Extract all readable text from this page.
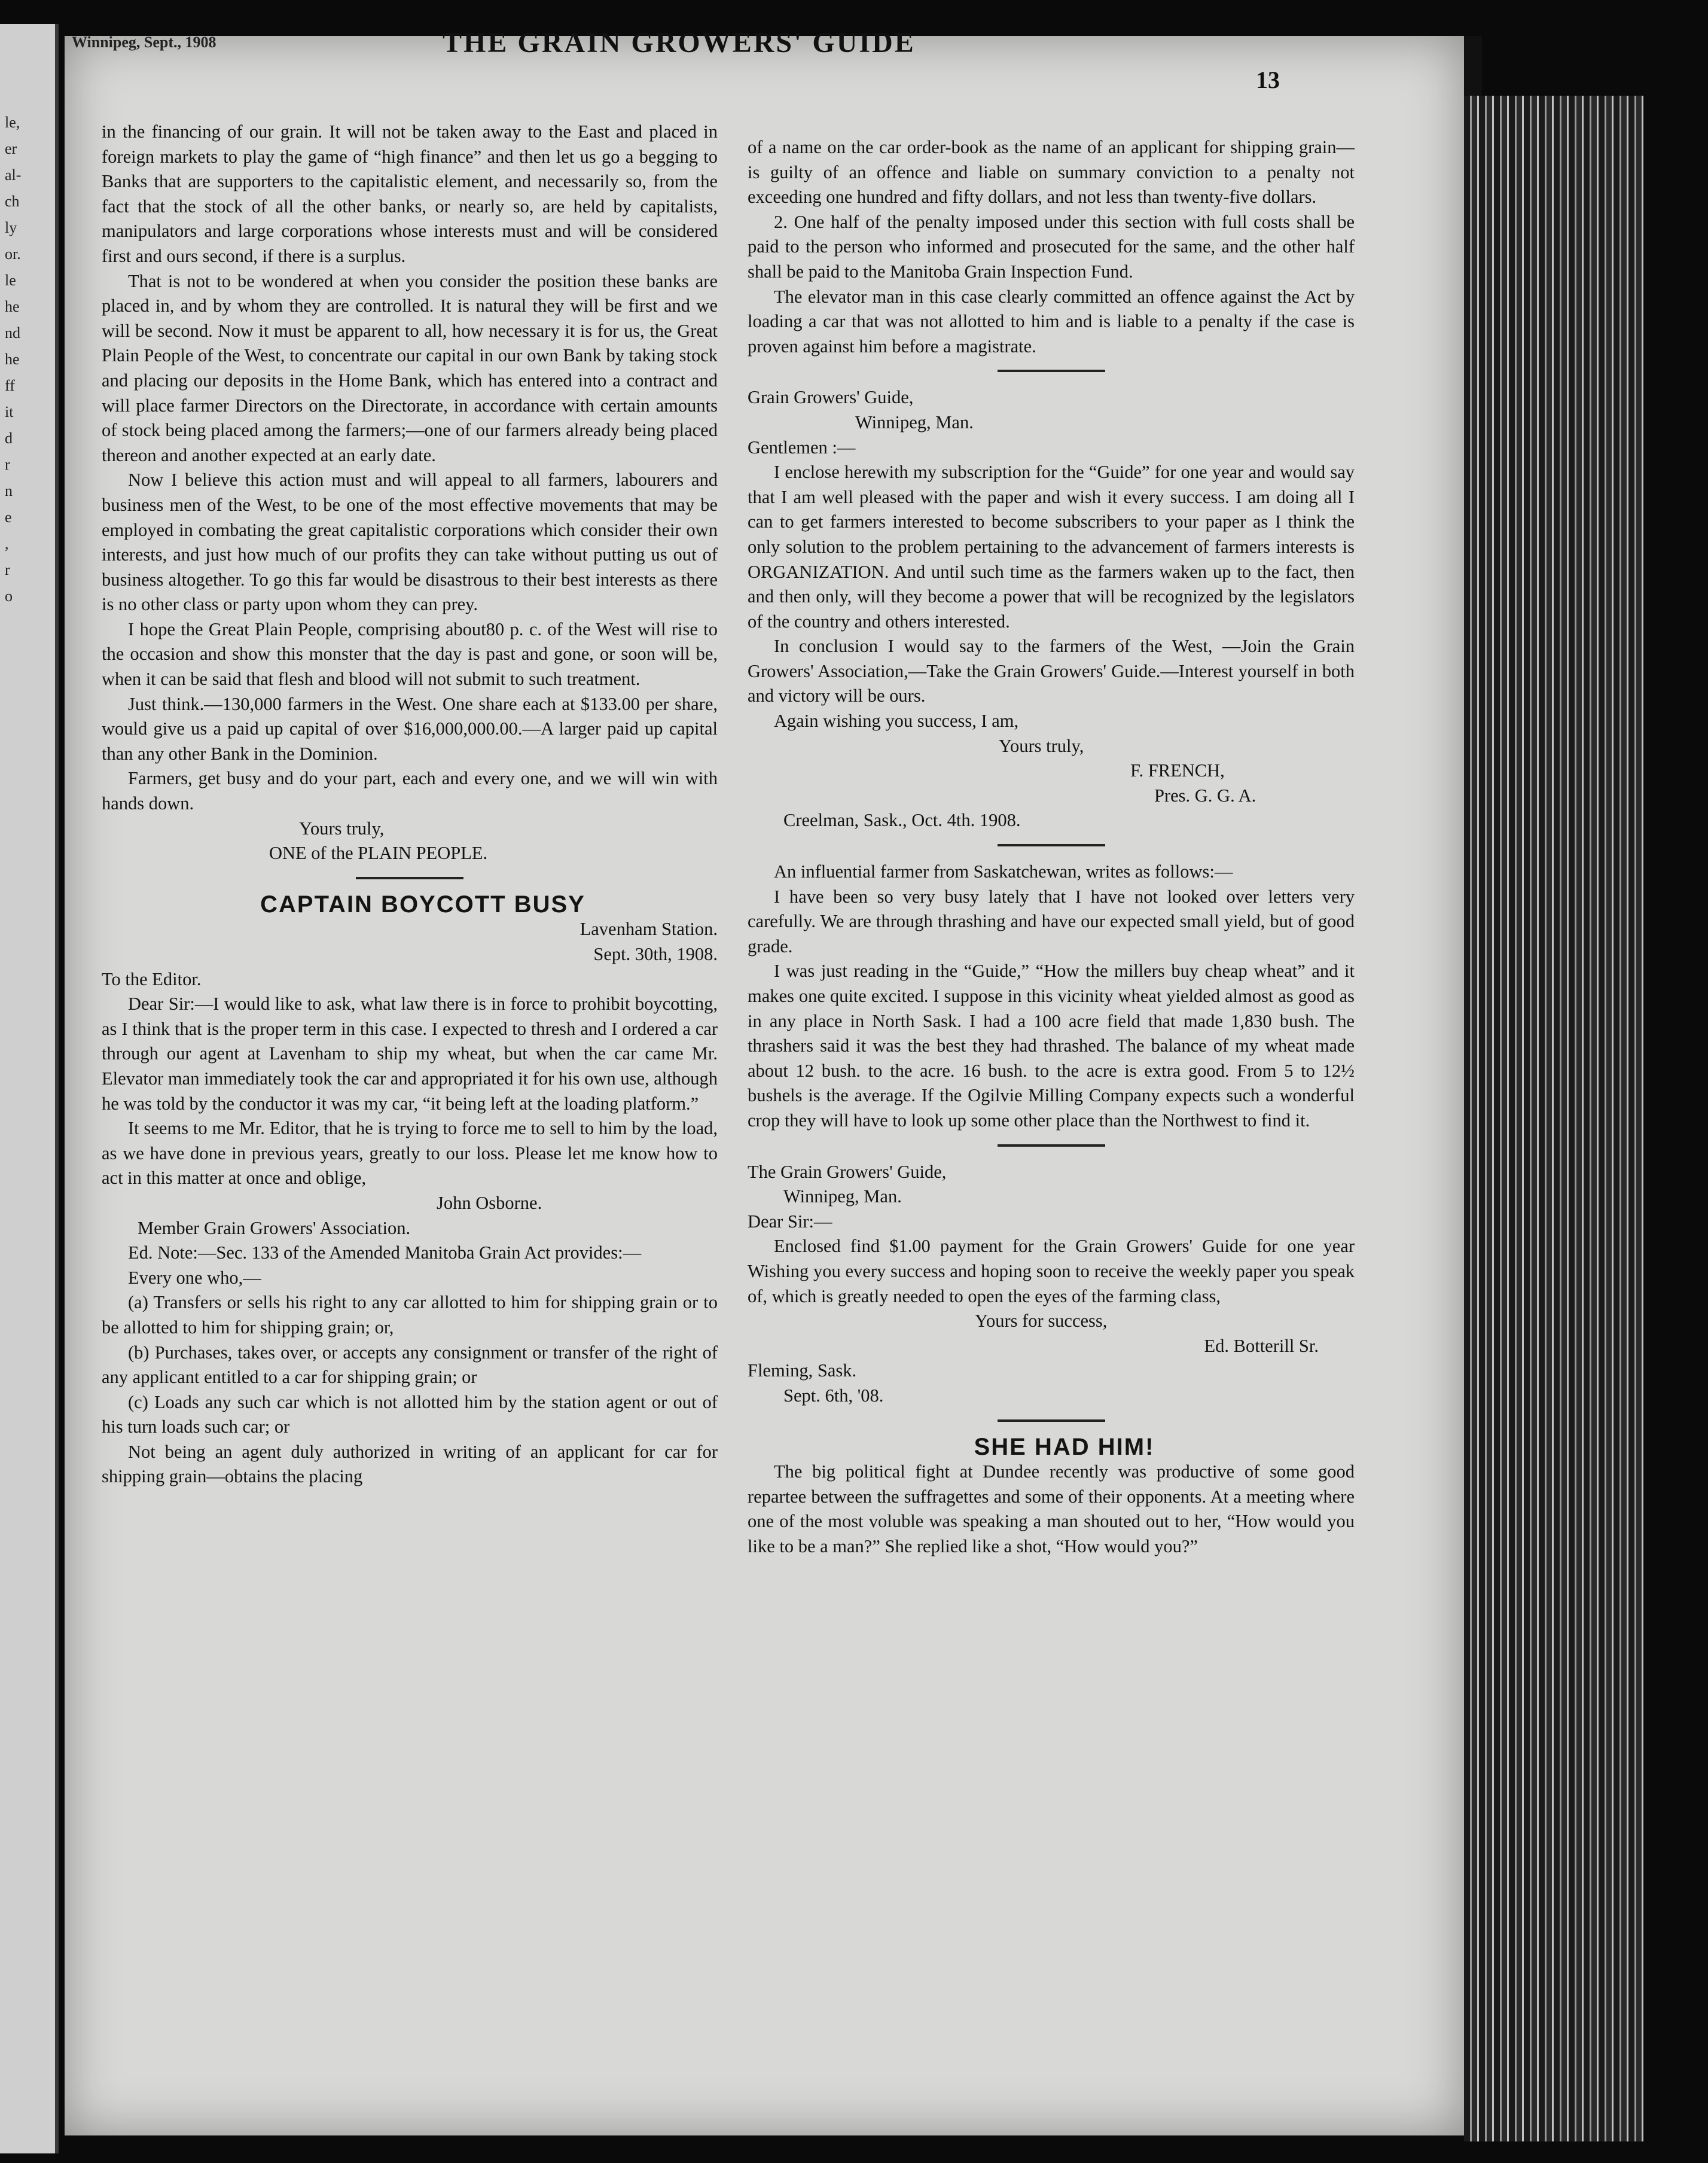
le,
er
al-
ch
ly
or.
le
he
nd
he
ff
it
d
r
n
e
,
r
o
Winnipeg, Sept., 1908	THE GRAIN GROWERS' GUIDE
13

in the financing of our grain. It will not be taken away to the East and placed in foreign markets to play the game of “high finance” and then let us go a begging to Banks that are supporters to the capitalistic element, and necessarily so, from the fact that the stock of all the other banks, or nearly so, are held by capitalists, manipulators and large corporations whose interests must and will be considered first and ours second, if there is a surplus.

That is not to be wondered at when you consider the position these banks are placed in, and by whom they are controlled. It is natural they will be first and we will be second. Now it must be apparent to all, how necessary it is for us, the Great Plain People of the West, to concentrate our capital in our own Bank by taking stock and placing our deposits in the Home Bank, which has entered into a contract and will place farmer Directors on the Directorate, in accordance with certain amounts of stock being placed among the farmers;—one of our farmers already being placed thereon and another expected at an early date.

Now I believe this action must and will appeal to all farmers, labourers and business men of the West, to be one of the most effective movements that may be employed in combating the great capitalistic corporations which consider their own interests, and just how much of our profits they can take without putting us out of business altogether. To go this far would be disastrous to their best interests as there is no other class or party upon whom they can prey.

I hope the Great Plain People, comprising about80 p. c. of the West will rise to the occasion and show this monster that the day is past and gone, or soon will be, when it can be said that flesh and blood will not submit to such treatment.

Just think.—130,000 farmers in the West. One share each at $133.00 per share, would give us a paid up capital of over $16,000,000.00.—A larger paid up capital than any other Bank in the Dominion.

Farmers, get busy and do your part, each and every one, and we will win with hands down.

Yours truly,

ONE of the PLAIN PEOPLE.

CAPTAIN BOYCOTT BUSY

Lavenham Station.

Sept. 30th, 1908.

To the Editor.

Dear Sir:—I would like to ask, what law there is in force to prohibit boycotting, as I think that is the proper term in this case. I expected to thresh and I ordered a car through our agent at Lavenham to ship my wheat, but when the car came Mr. Elevator man immediately took the car and appropriated it for his own use, although he was told by the conductor it was my car, “it being left at the loading platform.”

It seems to me Mr. Editor, that he is trying to force me to sell to him by the load, as we have done in previous years, greatly to our loss. Please let me know how to act in this matter at once and oblige,

John Osborne.

Member Grain Growers' Association.

Ed. Note:—Sec. 133 of the Amended Manitoba Grain Act provides:—

Every one who,—

(a) Transfers or sells his right to any car allotted to him for shipping grain or to be allotted to him for shipping grain; or,

(b) Purchases, takes over, or accepts any consignment or transfer of the right of any applicant entitled to a car for shipping grain; or

(c) Loads any such car which is not allotted him by the station agent or out of his turn loads such car; or

Not being an agent duly authorized in writing of an applicant for car for shipping grain—obtains the placing

of a name on the car order-book as the name of an applicant for shipping grain— is guilty of an offence and liable on summary conviction to a penalty not exceeding one hundred and fifty dollars, and not less than twenty-five dollars.

2. One half of the penalty imposed under this section with full costs shall be paid to the person who informed and prosecuted for the same, and the other half shall be paid to the Manitoba Grain Inspection Fund.

The elevator man in this case clearly committed an offence against the Act by loading a car that was not allotted to him and is liable to a penalty if the case is proven against him before a magistrate.

Grain Growers' Guide,

Winnipeg, Man.

Gentlemen :—

I enclose herewith my subscription for the “Guide” for one year and would say that I am well pleased with the paper and wish it every success. I am doing all I can to get farmers interested to become subscribers to your paper as I think the only solution to the problem pertaining to the advancement of farmers interests is ORGANIZATION. And until such time as the farmers waken up to the fact, then and then only, will they become a power that will be recognized by the legislators of the country and others interested.

In conclusion I would say to the farmers of the West, —Join the Grain Growers' Association,—Take the Grain Growers' Guide.—Interest yourself in both and victory will be ours.

Again wishing you success, I am,

Yours truly,

F. FRENCH,

Pres. G. G. A.

Creelman, Sask., Oct. 4th. 1908.

An influential farmer from Saskatchewan, writes as follows:—

I have been so very busy lately that I have not looked over letters very carefully. We are through thrashing and have our expected small yield, but of good grade.

I was just reading in the “Guide,” “How the millers buy cheap wheat” and it makes one quite excited. I suppose in this vicinity wheat yielded almost as good as in any place in North Sask. I had a 100 acre field that made 1,830 bush. The thrashers said it was the best they had thrashed. The balance of my wheat made about 12 bush. to the acre. 16 bush. to the acre is extra good. From 5 to 12½ bushels is the average. If the Ogilvie Milling Company expects such a wonderful crop they will have to look up some other place than the Northwest to find it.

The Grain Growers' Guide,

Winnipeg, Man.

Dear Sir:—

Enclosed find $1.00 payment for the Grain Growers' Guide for one year Wishing you every success and hoping soon to receive the weekly paper you speak of, which is greatly needed to open the eyes of the farming class,

Yours for success,

Ed. Botterill Sr.

Fleming, Sask.

Sept. 6th, '08.

SHE HAD HIM!

The big political fight at Dundee recently was productive of some good repartee between the suffragettes and some of their opponents. At a meeting where one of the most voluble was speaking a man shouted out to her, “How would you like to be a man?” She replied like a shot, “How would you?”
